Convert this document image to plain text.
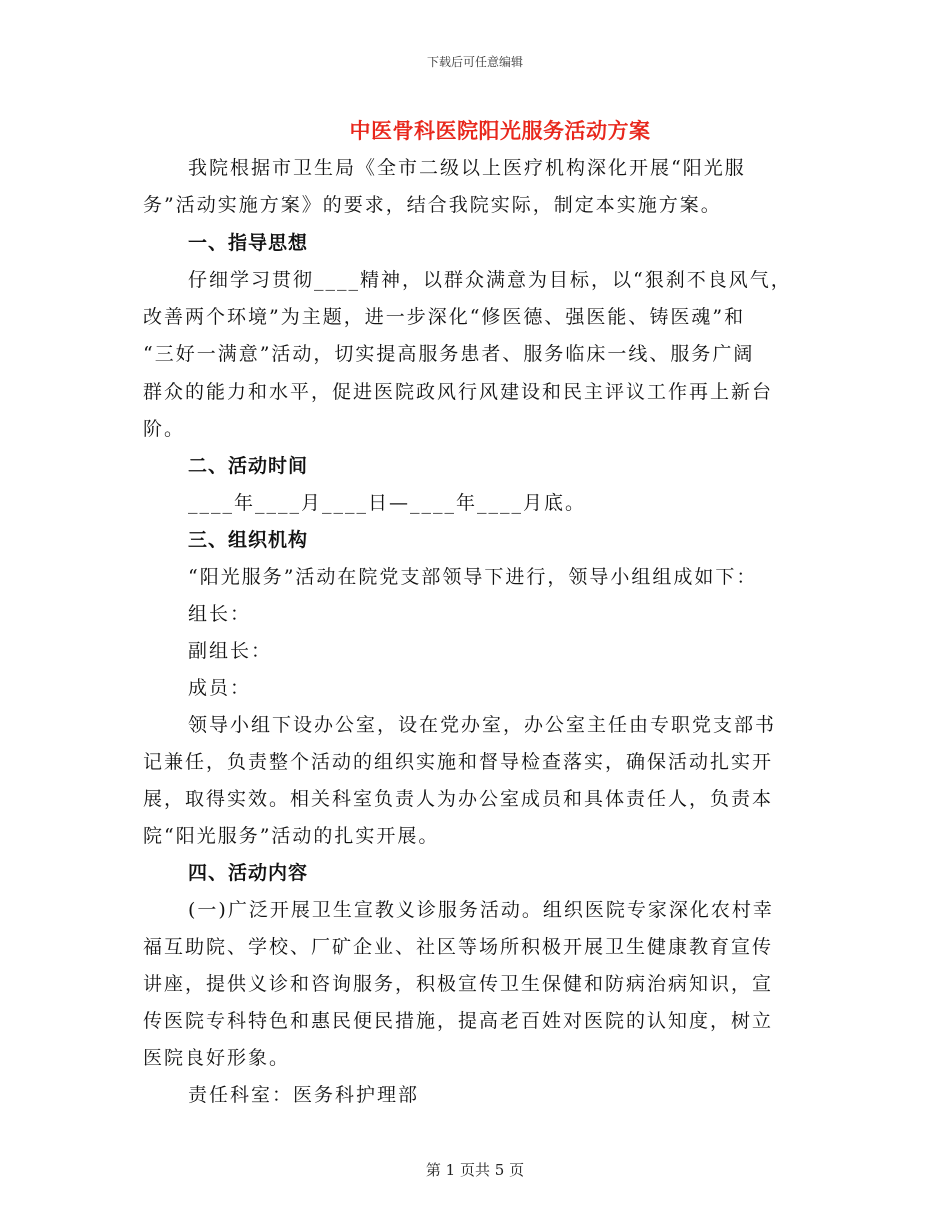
下载后可任意编辑
中医骨科医院阳光服务活动方案
我院根据市卫生局《全市二级以上医疗机构深化开展“阳光服
务”活动实施方案》的要求，结合我院实际，制定本实施方案。
一、指导思想
仔细学习贯彻____精神，以群众满意为目标，以“狠刹不良风气，
改善两个环境”为主题，进一步深化“修医德、强医能、铸医魂”和
“三好一满意”活动，切实提高服务患者、服务临床一线、服务广阔
群众的能力和水平，促进医院政风行风建设和民主评议工作再上新台
阶。
二、活动时间
____年____月____日—____年____月底。
三、组织机构
“阳光服务”活动在院党支部领导下进行，领导小组组成如下：
组长：
副组长：
成员：
领导小组下设办公室，设在党办室，办公室主任由专职党支部书
记兼任，负责整个活动的组织实施和督导检查落实，确保活动扎实开
展，取得实效。相关科室负责人为办公室成员和具体责任人，负责本
院“阳光服务”活动的扎实开展。
四、活动内容
(一)广泛开展卫生宣教义诊服务活动。组织医院专家深化农村幸
福互助院、学校、厂矿企业、社区等场所积极开展卫生健康教育宣传
讲座，提供义诊和咨询服务，积极宣传卫生保健和防病治病知识，宣
传医院专科特色和惠民便民措施，提高老百姓对医院的认知度，树立
医院良好形象。
责任科室：医务科护理部
第 1 页共 5 页
